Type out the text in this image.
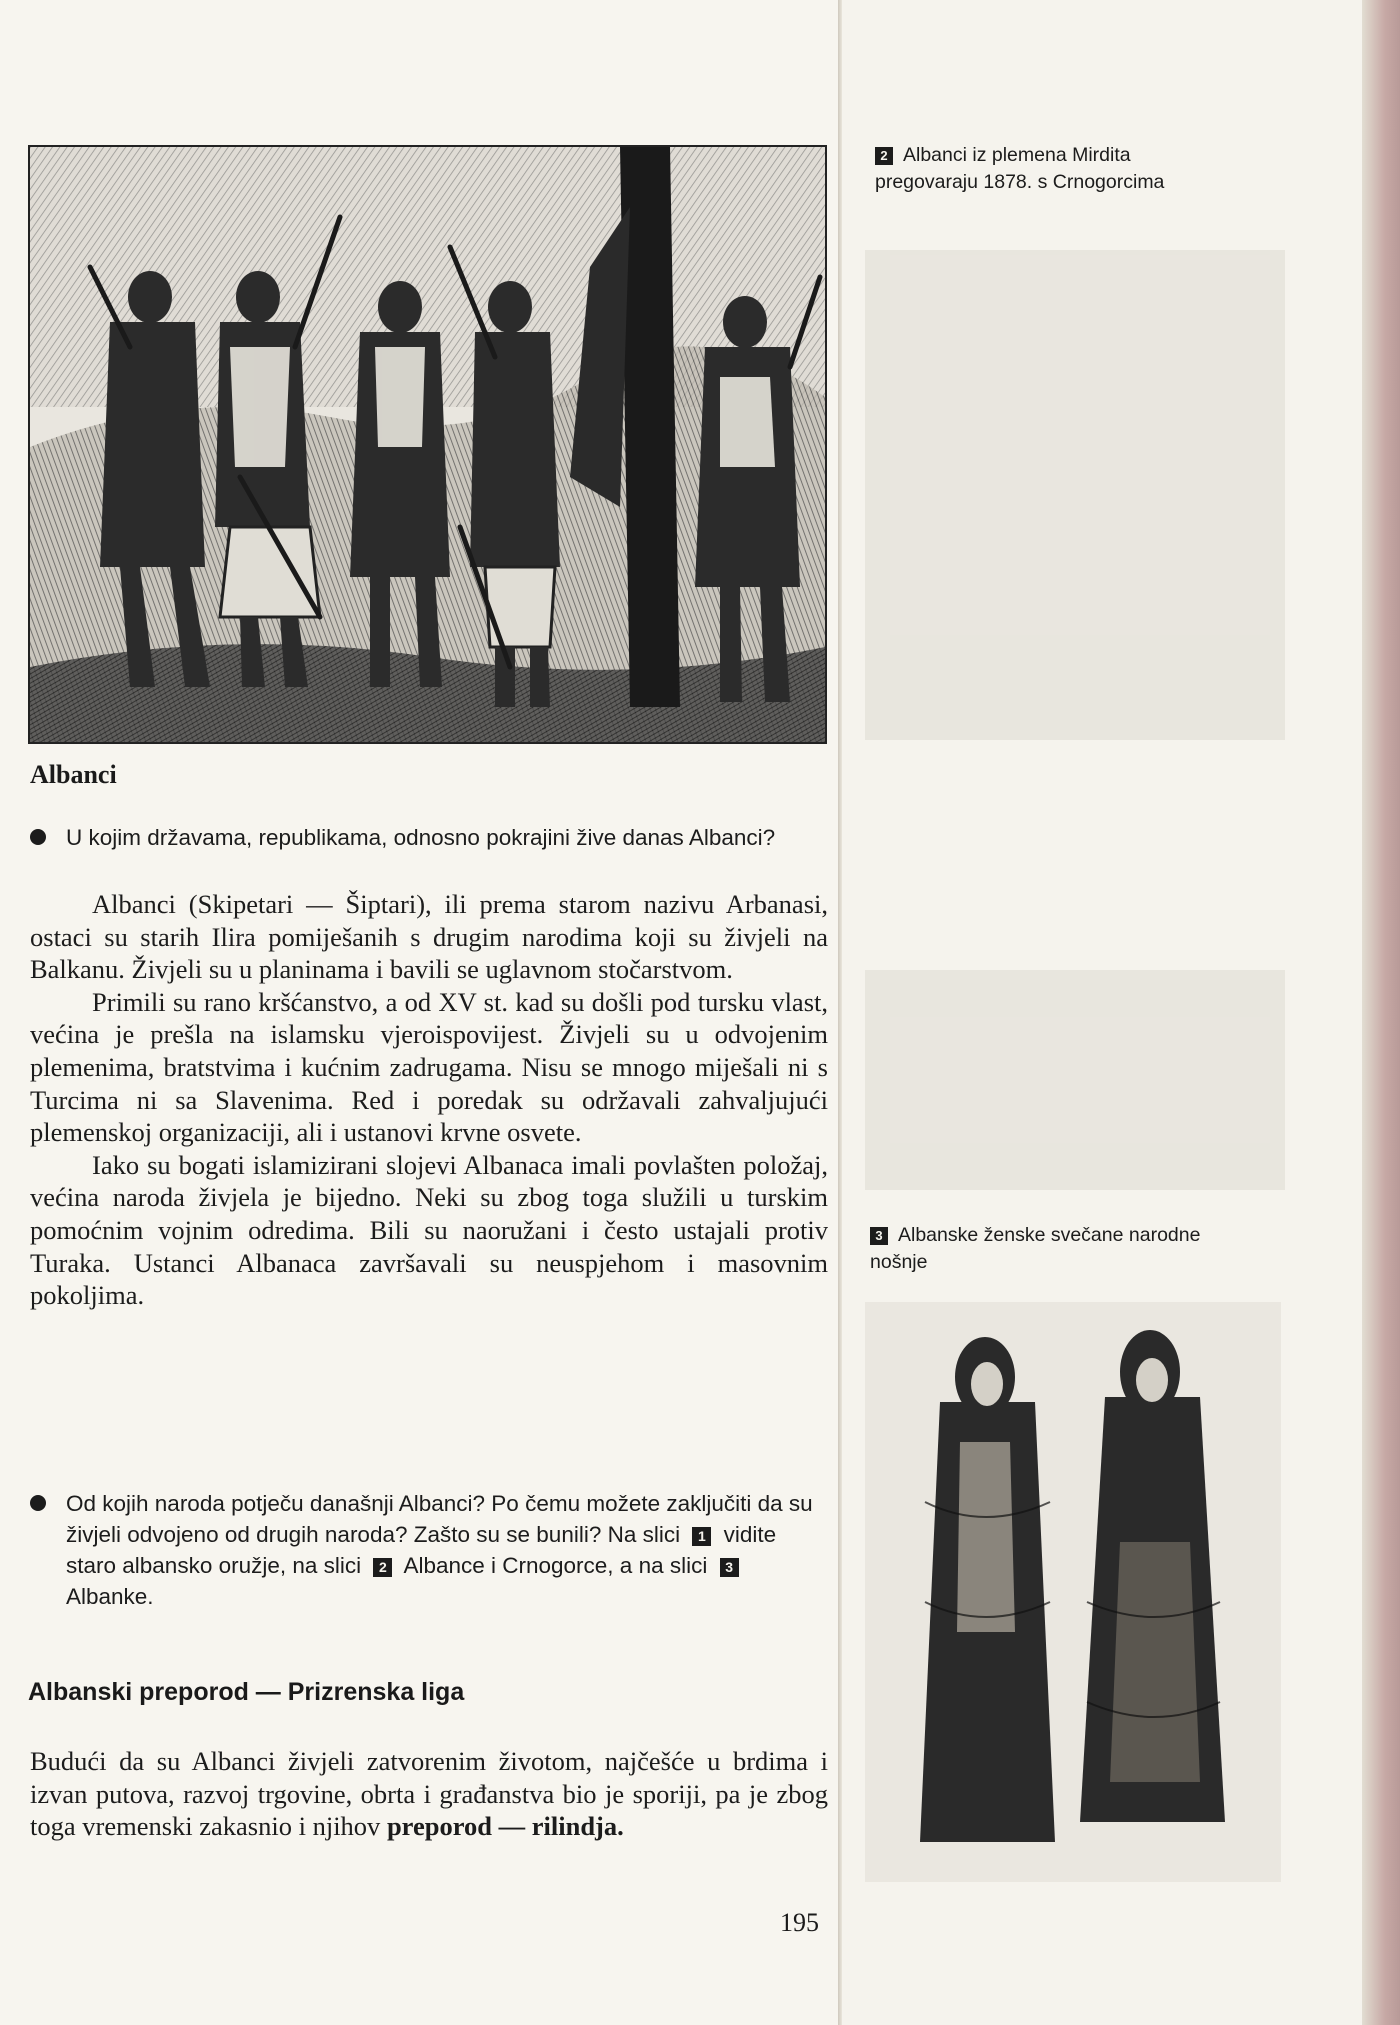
Albanci
U kojim državama, republikama, odnosno pokrajini žive danas Albanci?

Albanci (Skipetari — Šiptari), ili prema starom nazivu Arbanasi, ostaci su starih Ilira pomiješanih s drugim narodima koji su živjeli na Balkanu. Živjeli su u planinama i bavili se uglavnom stočarstvom.

Primili su rano kršćanstvo, a od XV st. kad su došli pod tursku vlast, većina je prešla na islamsku vjeroispovijest. Živjeli su u odvojenim plemenima, bratstvima i kućnim zadrugama. Nisu se mnogo miješali ni s Turcima ni sa Slavenima. Red i poredak su održavali zahvaljujući plemenskoj organizaciji, ali i ustanovi krvne osvete.

Iako su bogati islamizirani slojevi Albanaca imali povlašten položaj, većina naroda živjela je bijedno. Neki su zbog toga služili u turskim pomoćnim vojnim odredima. Bili su naoružani i često ustajali protiv Turaka. Ustanci Albanaca završavali su neuspjehom i masovnim pokoljima.

Od kojih naroda potječu današnji Albanci? Po čemu možete zaključiti da su živjeli odvojeno od drugih naroda? Zašto su se bunili? Na slici 1 vidite staro albansko oružje, na slici 2 Albance i Crnogorce, a na slici 3 Albanke.
Albanski preporod — Prizrenska liga

Budući da su Albanci živjeli zatvorenim životom, najčešće u brdima i izvan putova, razvoj trgovine, obrta i građanstva bio je sporiji, pa je zbog toga vremenski zakasnio i njihov preporod — rilindja.

195
2 Albanci iz plemena Mirdita pregovaraju 1878. s Crnogorcima
3 Albanske ženske svečane narodne nošnje
